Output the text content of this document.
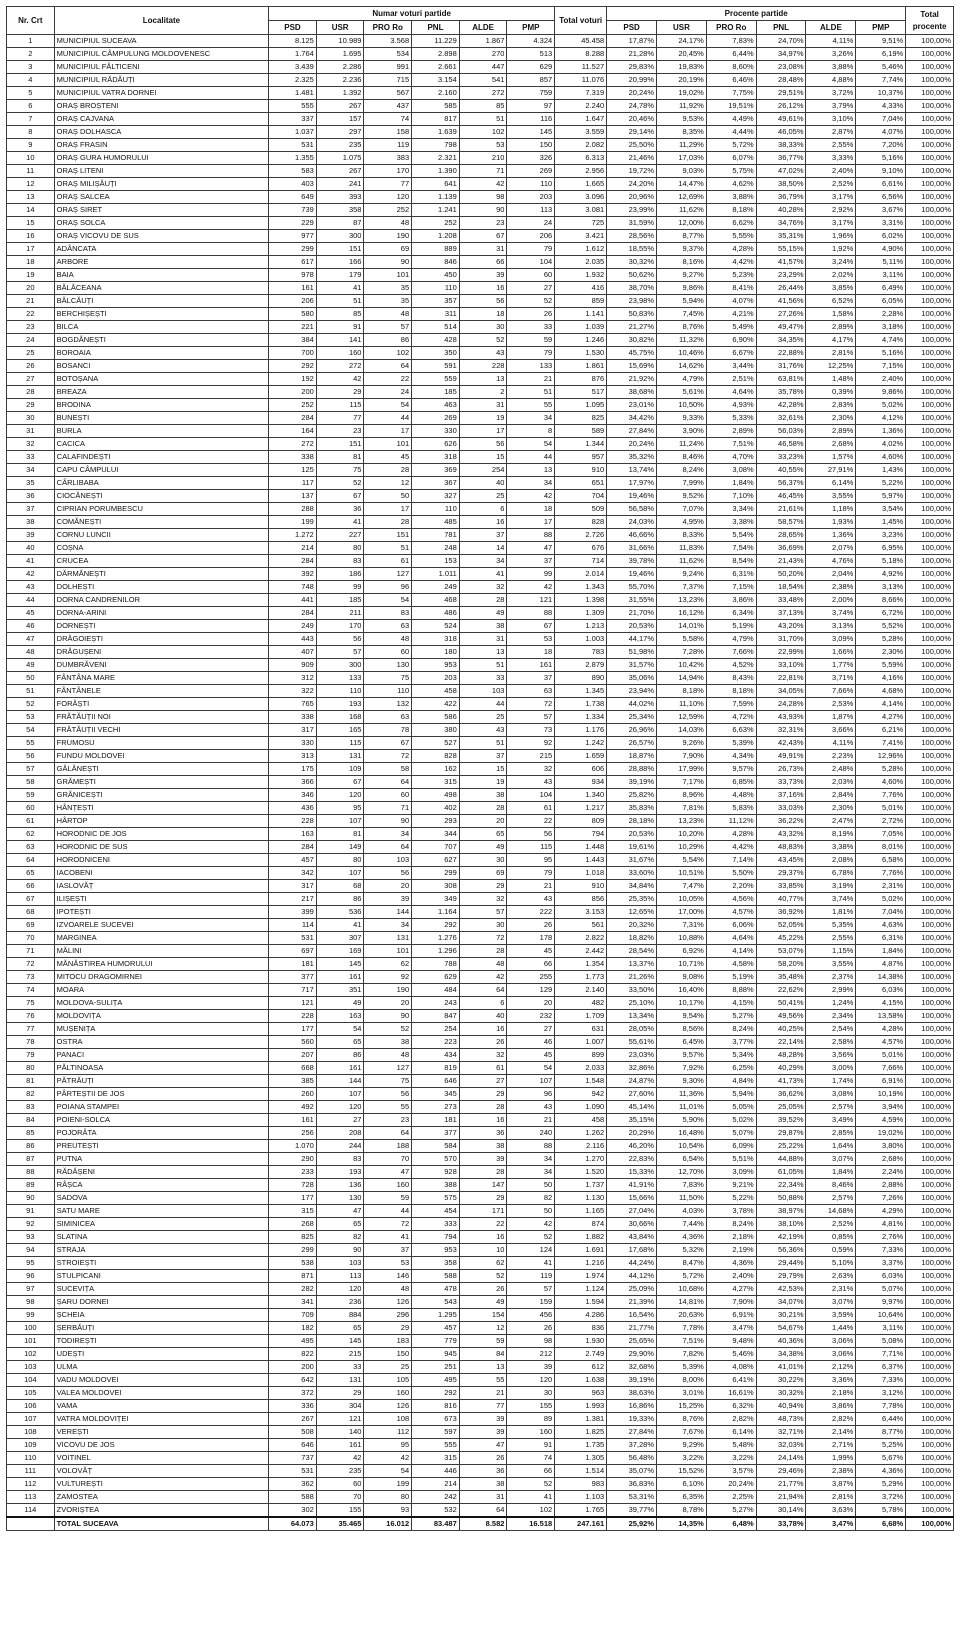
Nr. Crt	Localitate	Numar voturi partide						Total voturi	Procente partide						Total procente
		PSD	USR	PRO Ro	PNL	ALDE	PMP		PSD	USR	PRO Ro	PNL	ALDE	PMP	
1	MUNICIPIUL SUCEAVA	8.125	10.989	3.568	11.229	1.867	4.324	45.458	17,87%	24,17%	7,83%	24,70%	4,11%	9,51%	100,00%
2	MUNICIPIUL CÂMPULUNG MOLDOVENESC	1.764	1.695	534	2.898	270	513	8.288	21,28%	20,45%	6,44%	34,97%	3,26%	6,19%	100,00%
3	MUNICIPIUL FĂLTICENI	3.439	2.286	991	2.661	447	629	11.527	29,83%	19,83%	8,60%	23,08%	3,88%	5,46%	100,00%
4	MUNICIPIUL RĂDĂUȚI	2.325	2.236	715	3.154	541	857	11.076	20,99%	20,19%	6,46%	28,48%	4,88%	7,74%	100,00%
5	MUNICIPIUL VATRA DORNEI	1.481	1.392	567	2.160	272	759	7.319	20,24%	19,02%	7,75%	29,51%	3,72%	10,37%	100,00%
6	ORAȘ BROȘTENI	555	267	437	585	85	97	2.240	24,78%	11,92%	19,51%	26,12%	3,79%	4,33%	100,00%
7	ORAȘ CAJVANA	337	157	74	817	51	116	1.647	20,46%	9,53%	4,49%	49,61%	3,10%	7,04%	100,00%
8	ORAȘ DOLHASCA	1.037	297	158	1.639	102	145	3.559	29,14%	8,35%	4,44%	46,05%	2,87%	4,07%	100,00%
9	ORAȘ FRASIN	531	235	119	798	53	150	2.082	25,50%	11,29%	5,72%	38,33%	2,55%	7,20%	100,00%
10	ORAȘ GURA HUMORULUI	1.355	1.075	383	2.321	210	326	6.313	21,46%	17,03%	6,07%	36,77%	3,33%	5,16%	100,00%
11	ORAȘ LITENI	583	267	170	1.390	71	269	2.956	19,72%	9,03%	5,75%	47,02%	2,40%	9,10%	100,00%
12	ORAȘ MILIȘĂUȚI	403	241	77	641	42	110	1.665	24,20%	14,47%	4,62%	38,50%	2,52%	6,61%	100,00%
13	ORAȘ SALCEA	649	393	120	1.139	98	203	3.096	20,96%	12,69%	3,88%	36,79%	3,17%	6,56%	100,00%
14	ORAȘ SIRET	739	358	252	1.241	90	113	3.081	23,99%	11,62%	8,18%	40,28%	2,92%	3,67%	100,00%
15	ORAȘ SOLCA	229	87	48	252	23	24	725	31,59%	12,00%	6,62%	34,76%	3,17%	3,31%	100,00%
16	ORAȘ VICOVU DE SUS	977	300	190	1.208	67	206	3.421	28,56%	8,77%	5,55%	35,31%	1,96%	6,02%	100,00%
17	ADÂNCATA	299	151	69	889	31	79	1.612	18,55%	9,37%	4,28%	55,15%	1,92%	4,90%	100,00%
18	ARBORE	617	166	90	846	66	104	2.035	30,32%	8,16%	4,42%	41,57%	3,24%	5,11%	100,00%
19	BAIA	978	179	101	450	39	60	1.932	50,62%	9,27%	5,23%	23,29%	2,02%	3,11%	100,00%
20	BĂLĂCEANA	161	41	35	110	16	27	416	38,70%	9,86%	8,41%	26,44%	3,85%	6,49%	100,00%
21	BĂLCĂUȚI	206	51	35	357	56	52	859	23,98%	5,94%	4,07%	41,56%	6,52%	6,05%	100,00%
22	BERCHIȘEȘTI	580	85	48	311	18	26	1.141	50,83%	7,45%	4,21%	27,26%	1,58%	2,28%	100,00%
23	BILCA	221	91	57	514	30	33	1.039	21,27%	8,76%	5,49%	49,47%	2,89%	3,18%	100,00%
24	BOGDĂNEȘTI	384	141	86	428	52	59	1.246	30,82%	11,32%	6,90%	34,35%	4,17%	4,74%	100,00%
25	BOROAIA	700	160	102	350	43	79	1.530	45,75%	10,46%	6,67%	22,88%	2,81%	5,16%	100,00%
26	BOSANCI	292	272	64	591	228	133	1.861	15,69%	14,62%	3,44%	31,76%	12,25%	7,15%	100,00%
27	BOTOȘANA	192	42	22	559	13	21	876	21,92%	4,79%	2,51%	63,81%	1,48%	2,40%	100,00%
28	BREAZA	200	29	24	185	2	51	517	38,68%	5,61%	4,64%	35,78%	0,39%	9,86%	100,00%
29	BRODINA	252	115	54	463	31	55	1.095	23,01%	10,50%	4,93%	42,28%	2,83%	5,02%	100,00%
30	BUNEȘTI	284	77	44	269	19	34	825	34,42%	9,33%	5,33%	32,61%	2,30%	4,12%	100,00%
31	BURLA	164	23	17	330	17	8	589	27,84%	3,90%	2,89%	56,03%	2,89%	1,36%	100,00%
32	CACICA	272	151	101	626	56	54	1.344	20,24%	11,24%	7,51%	46,58%	2,68%	4,02%	100,00%
33	CALAFINDEȘTI	338	81	45	318	15	44	957	35,32%	8,46%	4,70%	33,23%	1,57%	4,60%	100,00%
34	CAPU CÂMPULUI	125	75	28	369	254	13	910	13,74%	8,24%	3,08%	40,55%	27,91%	1,43%	100,00%
35	CÂRLIBABA	117	52	12	367	40	34	651	17,97%	7,99%	1,84%	56,37%	6,14%	5,22%	100,00%
36	CIOCĂNEȘTI	137	67	50	327	25	42	704	19,46%	9,52%	7,10%	46,45%	3,55%	5,97%	100,00%
37	CIPRIAN PORUMBESCU	288	36	17	110	6	18	509	56,58%	7,07%	3,34%	21,61%	1,18%	3,54%	100,00%
38	COMĂNEȘTI	199	41	28	485	16	17	828	24,03%	4,95%	3,38%	58,57%	1,93%	1,45%	100,00%
39	CORNU LUNCII	1.272	227	151	781	37	88	2.726	46,66%	8,33%	5,54%	28,65%	1,36%	3,23%	100,00%
40	COȘNA	214	80	51	248	14	47	676	31,66%	11,83%	7,54%	36,69%	2,07%	6,95%	100,00%
41	CRUCEA	284	83	61	153	34	37	714	39,78%	11,62%	8,54%	21,43%	4,76%	5,18%	100,00%
42	DĂRMĂNEȘTI	392	186	127	1.011	41	99	2.014	19,46%	9,24%	6,31%	50,20%	2,04%	4,92%	100,00%
43	DOLHEȘTI	748	99	96	249	32	42	1.343	55,70%	7,37%	7,15%	18,54%	2,38%	3,13%	100,00%
44	DORNA CANDRENILOR	441	185	54	468	28	121	1.398	31,55%	13,23%	3,86%	33,48%	2,00%	8,66%	100,00%
45	DORNA-ARINI	284	211	83	486	49	88	1.309	21,70%	16,12%	6,34%	37,13%	3,74%	6,72%	100,00%
46	DORNEȘTI	249	170	63	524	38	67	1.213	20,53%	14,01%	5,19%	43,20%	3,13%	5,52%	100,00%
47	DRĂGOIEȘTI	443	56	48	318	31	53	1.003	44,17%	5,58%	4,79%	31,70%	3,09%	5,28%	100,00%
48	DRĂGUȘENI	407	57	60	180	13	18	783	51,98%	7,28%	7,66%	22,99%	1,66%	2,30%	100,00%
49	DUMBRĂVENI	909	300	130	953	51	161	2.879	31,57%	10,42%	4,52%	33,10%	1,77%	5,59%	100,00%
50	FÂNTÂNA MARE	312	133	75	203	33	37	890	35,06%	14,94%	8,43%	22,81%	3,71%	4,16%	100,00%
51	FÂNTÂNELE	322	110	110	458	103	63	1.345	23,94%	8,18%	8,18%	34,05%	7,66%	4,68%	100,00%
52	FORĂȘTI	765	193	132	422	44	72	1.738	44,02%	11,10%	7,59%	24,28%	2,53%	4,14%	100,00%
53	FRĂTĂUȚII NOI	338	168	63	586	25	57	1.334	25,34%	12,59%	4,72%	43,93%	1,87%	4,27%	100,00%
54	FRĂTĂUȚII VECHI	317	165	78	380	43	73	1.176	26,96%	14,03%	6,63%	32,31%	3,66%	6,21%	100,00%
55	FRUMOSU	330	115	67	527	51	92	1.242	26,57%	9,26%	5,39%	42,43%	4,11%	7,41%	100,00%
56	FUNDU MOLDOVEI	313	131	72	828	37	215	1.659	18,87%	7,90%	4,34%	49,91%	2,23%	12,96%	100,00%
57	GĂLĂNEȘTI	175	109	58	162	15	32	606	28,88%	17,99%	9,57%	26,73%	2,48%	5,28%	100,00%
58	GRĂMEȘTI	366	67	64	315	19	43	934	39,19%	7,17%	6,85%	33,73%	2,03%	4,60%	100,00%
59	GRĂNICEȘTI	346	120	60	498	38	104	1.340	25,82%	8,96%	4,48%	37,16%	2,84%	7,76%	100,00%
60	HÂNȚEȘTI	436	95	71	402	28	61	1.217	35,83%	7,81%	5,83%	33,03%	2,30%	5,01%	100,00%
61	HÂRTOP	228	107	90	293	20	22	809	28,18%	13,23%	11,12%	36,22%	2,47%	2,72%	100,00%
62	HORODNIC DE JOS	163	81	34	344	65	56	794	20,53%	10,20%	4,28%	43,32%	8,19%	7,05%	100,00%
63	HORODNIC DE SUS	284	149	64	707	49	115	1.448	19,61%	10,29%	4,42%	48,83%	3,38%	8,01%	100,00%
64	HORODNICENI	457	80	103	627	30	95	1.443	31,67%	5,54%	7,14%	43,45%	2,08%	6,58%	100,00%
65	IACOBENI	342	107	56	299	69	79	1.018	33,60%	10,51%	5,50%	29,37%	6,78%	7,76%	100,00%
66	IASLOVĂȚ	317	68	20	308	29	21	910	34,84%	7,47%	2,20%	33,85%	3,19%	2,31%	100,00%
67	ILIȘEȘTI	217	86	39	349	32	43	856	25,35%	10,05%	4,56%	40,77%	3,74%	5,02%	100,00%
68	IPOTEȘTI	399	536	144	1.164	57	222	3.153	12,65%	17,00%	4,57%	36,92%	1,81%	7,04%	100,00%
69	IZVOARELE SUCEVEI	114	41	34	292	30	26	561	20,32%	7,31%	6,06%	52,05%	5,35%	4,63%	100,00%
70	MARGINEA	531	307	131	1.276	72	178	2.822	18,82%	10,88%	4,64%	45,22%	2,55%	6,31%	100,00%
71	MĂLINI	697	169	101	1.296	28	45	2.442	28,54%	6,92%	4,14%	53,07%	1,15%	1,84%	100,00%
72	MĂNĂSTIREA HUMORULUI	181	145	62	788	48	66	1.354	13,37%	10,71%	4,58%	58,20%	3,55%	4,87%	100,00%
73	MITOCU DRAGOMIRNEI	377	161	92	629	42	255	1.773	21,26%	9,08%	5,19%	35,48%	2,37%	14,38%	100,00%
74	MOARA	717	351	190	484	64	129	2.140	33,50%	16,40%	8,88%	22,62%	2,99%	6,03%	100,00%
75	MOLDOVA-SULIȚA	121	49	20	243	6	20	482	25,10%	10,17%	4,15%	50,41%	1,24%	4,15%	100,00%
76	MOLDOVIȚA	228	163	90	847	40	232	1.709	13,34%	9,54%	5,27%	49,56%	2,34%	13,58%	100,00%
77	MUȘENIȚA	177	54	52	254	16	27	631	28,05%	8,56%	8,24%	40,25%	2,54%	4,28%	100,00%
78	OSTRA	560	65	38	223	26	46	1.007	55,61%	6,45%	3,77%	22,14%	2,58%	4,57%	100,00%
79	PANACI	207	86	48	434	32	45	899	23,03%	9,57%	5,34%	48,28%	3,56%	5,01%	100,00%
80	PĂLTINOASA	668	161	127	819	61	54	2.033	32,86%	7,92%	6,25%	40,29%	3,00%	7,66%	100,00%
81	PĂTRĂUȚI	385	144	75	646	27	107	1.548	24,87%	9,30%	4,84%	41,73%	1,74%	6,91%	100,00%
82	PÂRTEȘTII DE JOS	260	107	56	345	29	96	942	27,60%	11,36%	5,94%	36,62%	3,08%	10,19%	100,00%
83	POIANA STAMPEI	492	120	55	273	28	43	1.090	45,14%	11,01%	5,05%	25,05%	2,57%	3,94%	100,00%
84	POIENI-SOLCA	161	27	23	181	16	21	458	35,15%	5,90%	5,02%	39,52%	3,49%	4,59%	100,00%
85	POJORÂTA	256	208	64	377	36	240	1.262	20,29%	16,48%	5,07%	29,87%	2,85%	19,02%	100,00%
86	PREUTEȘTI	1.070	244	188	584	38	88	2.116	46,20%	10,54%	6,09%	25,22%	1,64%	3,80%	100,00%
87	PUTNA	290	83	70	570	39	34	1.270	22,83%	6,54%	5,51%	44,88%	3,07%	2,68%	100,00%
88	RĂDĂȘENI	233	193	47	928	28	34	1.520	15,33%	12,70%	3,09%	61,05%	1,84%	2,24%	100,00%
89	RÂȘCA	728	136	160	388	147	50	1.737	41,91%	7,83%	9,21%	22,34%	8,46%	2,88%	100,00%
90	SADOVA	177	130	59	575	29	82	1.130	15,66%	11,50%	5,22%	50,88%	2,57%	7,26%	100,00%
91	SATU MARE	315	47	44	454	171	50	1.165	27,04%	4,03%	3,78%	38,97%	14,68%	4,29%	100,00%
92	SIMINICEA	268	65	72	333	22	42	874	30,66%	7,44%	8,24%	38,10%	2,52%	4,81%	100,00%
93	SLATINA	825	82	41	794	16	52	1.882	43,84%	4,36%	2,18%	42,19%	0,85%	2,76%	100,00%
94	STRAJA	299	90	37	953	10	124	1.691	17,68%	5,32%	2,19%	56,36%	0,59%	7,33%	100,00%
95	STROIEȘTI	538	103	53	358	62	41	1.216	44,24%	8,47%	4,36%	29,44%	5,10%	3,37%	100,00%
96	STULPICANI	871	113	146	588	52	119	1.974	44,12%	5,72%	2,40%	29,79%	2,63%	6,03%	100,00%
97	SUCEVIȚA	282	120	48	478	26	57	1.124	25,09%	10,68%	4,27%	42,53%	2,31%	5,07%	100,00%
98	ȘARU DORNEI	341	236	126	543	49	159	1.594	21,39%	14,81%	7,90%	34,07%	3,07%	9,97%	100,00%
99	ȘCHEIA	709	884	296	1.295	154	456	4.286	16,54%	20,63%	6,91%	30,21%	3,59%	10,64%	100,00%
100	ȘERBĂUȚI	182	65	29	457	12	26	836	21,77%	7,78%	3,47%	54,67%	1,44%	3,11%	100,00%
101	TODIREȘTI	495	145	183	779	59	98	1.930	25,65%	7,51%	9,48%	40,36%	3,06%	5,08%	100,00%
102	UDEȘTI	822	215	150	945	84	212	2.749	29,90%	7,82%	5,46%	34,38%	3,06%	7,71%	100,00%
103	ULMA	200	33	25	251	13	39	612	32,68%	5,39%	4,08%	41,01%	2,12%	6,37%	100,00%
104	VADU MOLDOVEI	642	131	105	495	55	120	1.638	39,19%	8,00%	6,41%	30,22%	3,36%	7,33%	100,00%
105	VALEA MOLDOVEI	372	29	160	292	21	30	963	38,63%	3,01%	16,61%	30,32%	2,18%	3,12%	100,00%
106	VAMA	336	304	126	816	77	155	1.993	16,86%	15,25%	6,32%	40,94%	3,86%	7,78%	100,00%
107	VATRA MOLDOVIȚEI	267	121	108	673	39	89	1.381	19,33%	8,76%	2,82%	48,73%	2,82%	6,44%	100,00%
108	VEREȘTI	508	140	112	597	39	160	1.825	27,84%	7,67%	6,14%	32,71%	2,14%	8,77%	100,00%
109	VICOVU DE JOS	646	161	95	555	47	91	1.735	37,28%	9,29%	5,48%	32,03%	2,71%	5,25%	100,00%
110	VOITINEL	737	42	42	315	26	74	1.305	56,48%	3,22%	3,22%	24,14%	1,99%	5,67%	100,00%
111	VOLOVĂȚ	531	235	54	446	36	66	1.514	35,07%	15,52%	3,57%	29,46%	2,38%	4,36%	100,00%
112	VULTUREȘTI	362	60	199	214	38	52	983	36,83%	6,10%	20,24%	21,77%	3,87%	5,29%	100,00%
113	ZAMOSTEA	588	70	80	242	31	41	1.103	53,31%	6,35%	2,25%	21,94%	2,81%	3,72%	100,00%
114	ZVORIȘTEA	302	155	93	532	64	102	1.765	39,77%	8,78%	5,27%	30,14%	3,63%	5,78%	100,00%
	TOTAL SUCEAVA	64.073	35.465	16.012	83.487	8.582	16.518	247.161	25,92%	14,35%	6,48%	33,78%	3,47%	6,68%	100,00%
